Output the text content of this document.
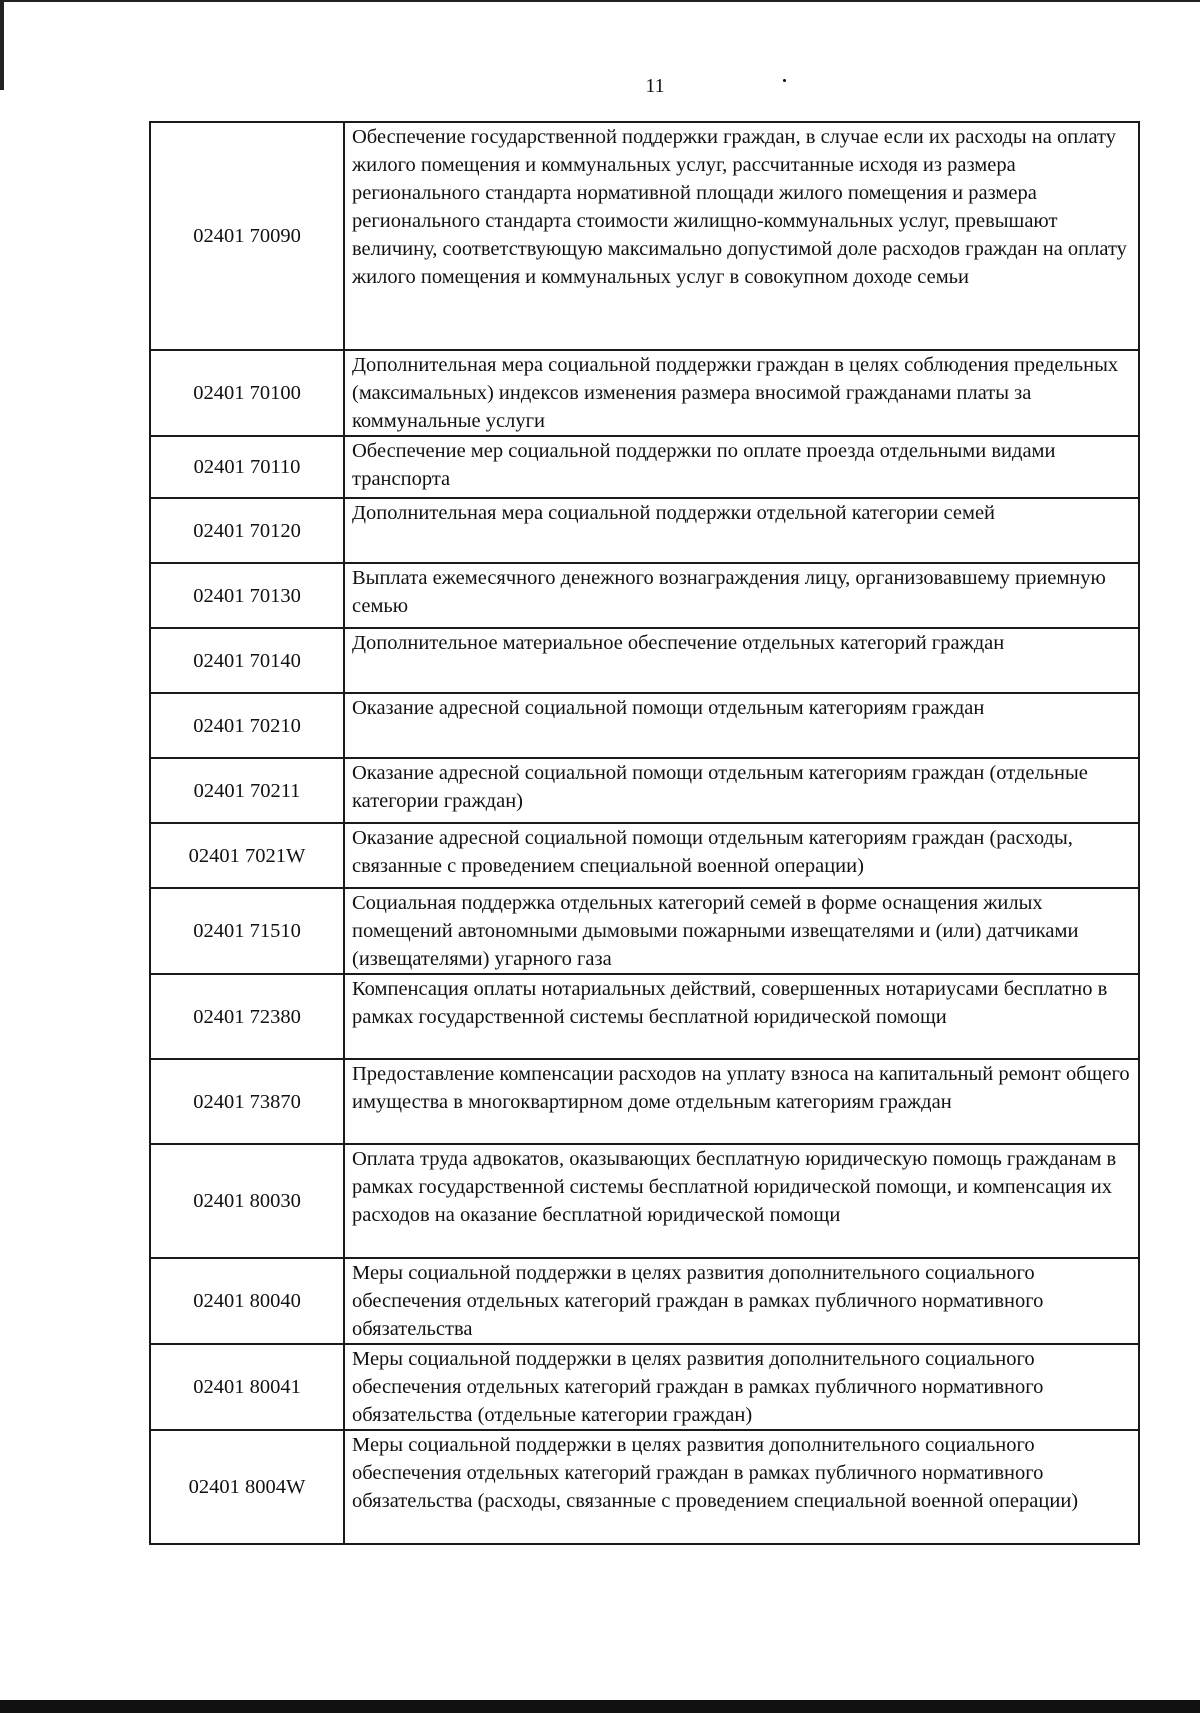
11
02401 70090	Обеспечение государственной поддержки граждан, в случае если их расходы на оплату жилого помещения и коммунальных услуг, рассчитанные исходя из размера регионального стандарта нормативной площади жилого помещения и размера регионального стандарта стоимости жилищно-коммунальных услуг, превышают величину, соответствующую максимально допустимой доле расходов граждан на оплату жилого помещения и коммунальных услуг в совокупном доходе семьи
02401 70100	Дополнительная мера социальной поддержки граждан в целях соблюдения предельных (максимальных) индексов изменения размера вносимой гражданами платы за коммунальные услуги
02401 70110	Обеспечение мер социальной поддержки по оплате проезда отдельными видами транспорта
02401 70120	Дополнительная мера социальной поддержки отдельной категории семей
02401 70130	Выплата ежемесячного денежного вознаграждения лицу, организовавшему приемную семью
02401 70140	Дополнительное материальное обеспечение отдельных категорий граждан
02401 70210	Оказание адресной социальной помощи отдельным категориям граждан
02401 70211	Оказание адресной социальной помощи отдельным категориям граждан (отдельные категории граждан)
02401 7021W	Оказание адресной социальной помощи отдельным категориям граждан (расходы, связанные с проведением специальной военной операции)
02401 71510	Социальная поддержка отдельных категорий семей в форме оснащения жилых помещений автономными дымовыми пожарными извещателями и (или) датчиками (извещателями) угарного газа
02401 72380	Компенсация оплаты нотариальных действий, совершенных нотариусами бесплатно в рамках государственной системы бесплатной юридической помощи
02401 73870	Предоставление компенсации расходов на уплату взноса на капитальный ремонт общего имущества в многоквартирном доме отдельным категориям граждан
02401 80030	Оплата труда адвокатов, оказывающих бесплатную юридическую помощь гражданам в рамках государственной системы бесплатной юридической помощи, и компенсация их расходов на оказание бесплатной юридической помощи
02401 80040	Меры социальной поддержки в целях развития дополнительного социального обеспечения отдельных категорий граждан в рамках публичного нормативного обязательства
02401 80041	Меры социальной поддержки в целях развития дополнительного социального обеспечения отдельных категорий граждан в рамках публичного нормативного обязательства (отдельные категории граждан)
02401 8004W	Меры социальной поддержки в целях развития дополнительного социального обеспечения отдельных категорий граждан в рамках публичного нормативного обязательства (расходы, связанные с проведением специальной военной операции)
